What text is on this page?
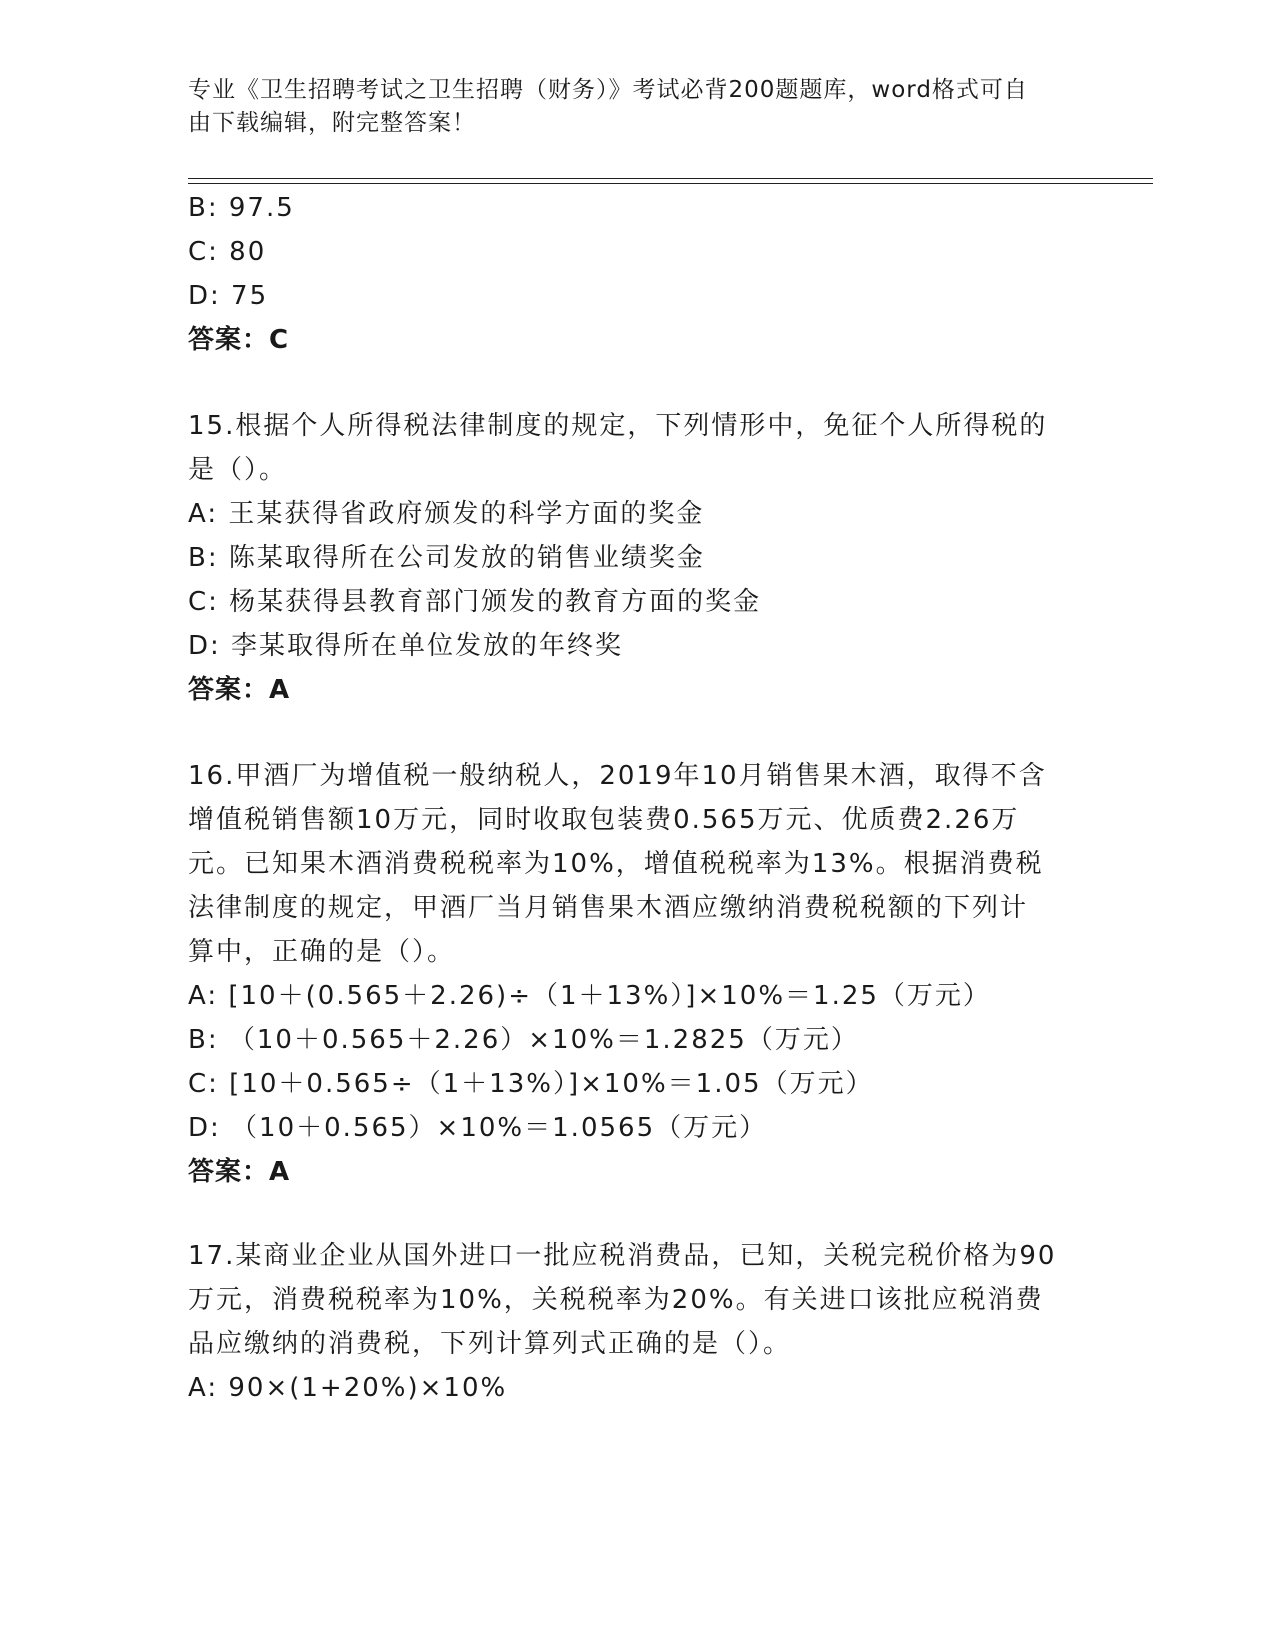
专业《卫生招聘考试之卫生招聘（财务）》考试必背200题题库，word格式可自
由下载编辑，附完整答案！
B: 97.5
C: 80
D: 75
答案：C
15.根据个人所得税法律制度的规定，下列情形中，免征个人所得税的
是（）。
A: 王某获得省政府颁发的科学方面的奖金
B: 陈某取得所在公司发放的销售业绩奖金
C: 杨某获得县教育部门颁发的教育方面的奖金
D: 李某取得所在单位发放的年终奖
答案：A
16.甲酒厂为增值税一般纳税人，2019年10月销售果木酒，取得不含
增值税销售额10万元，同时收取包装费0.565万元、优质费2.26万
元。已知果木酒消费税税率为10%，增值税税率为13%。根据消费税
法律制度的规定，甲酒厂当月销售果木酒应缴纳消费税税额的下列计
算中，正确的是（）。
A: [10＋(0.565＋2.26)÷（1＋13%）]×10%＝1.25（万元）
B: （10＋0.565＋2.26）×10%＝1.2825（万元）
C: [10＋0.565÷（1＋13%）]×10%＝1.05（万元）
D: （10＋0.565）×10%＝1.0565（万元）
答案：A
17.某商业企业从国外进口一批应税消费品，已知，关税完税价格为90
万元，消费税税率为10%，关税税率为20%。有关进口该批应税消费
品应缴纳的消费税，下列计算列式正确的是（）。
A: 90×(1+20%)×10%
